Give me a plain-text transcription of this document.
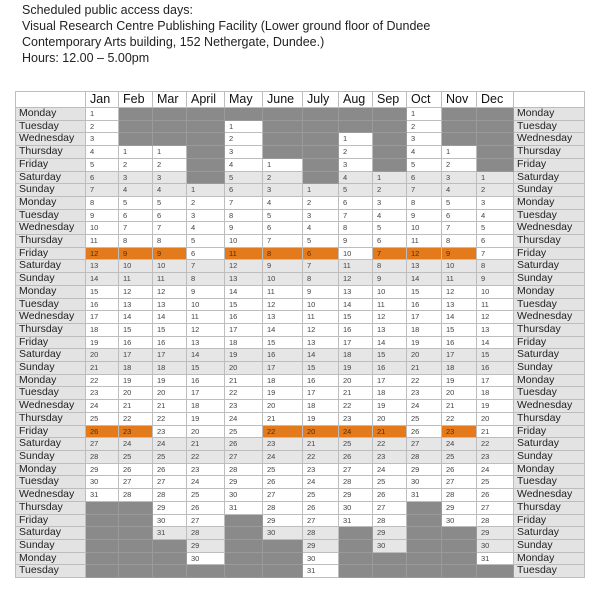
Scheduled public access days:
Visual Research Centre Publishing Facility (Lower ground floor of Dundee
Contemporary Arts building, 152 Nethergate, Dundee.)
Hours: 12.00 – 5.00pm
	Jan	Feb	Mar	April	May	June	July	Aug	Sep	Oct	Nov	Dec	
Monday	1									1			Monday
Tuesday	2				1					2			Tuesday
Wednesday	3				2			1		3			Wednesday
Thursday	4	1	1		3			2		4	1		Thursday
Friday	5	2	2		4	1		3		5	2		Friday
Saturday	6	3	3		5	2		4	1	6	3	1	Saturday
Sunday	7	4	4	1	6	3	1	5	2	7	4	2	Sunday
Monday	8	5	5	2	7	4	2	6	3	8	5	3	Monday
Tuesday	9	6	6	3	8	5	3	7	4	9	6	4	Tuesday
Wednesday	10	7	7	4	9	6	4	8	5	10	7	5	Wednesday
Thursday	11	8	8	5	10	7	5	9	6	11	8	6	Thursday
Friday	12	9	9	6	11	8	6	10	7	12	9	7	Friday
Saturday	13	10	10	7	12	9	7	11	8	13	10	8	Saturday
Sunday	14	11	11	8	13	10	8	12	9	14	11	9	Sunday
Monday	15	12	12	9	14	11	9	13	10	15	12	10	Monday
Tuesday	16	13	13	10	15	12	10	14	11	16	13	11	Tuesday
Wednesday	17	14	14	11	16	13	11	15	12	17	14	12	Wednesday
Thursday	18	15	15	12	17	14	12	16	13	18	15	13	Thursday
Friday	19	16	16	13	18	15	13	17	14	19	16	14	Friday
Saturday	20	17	17	14	19	16	14	18	15	20	17	15	Saturday
Sunday	21	18	18	15	20	17	15	19	16	21	18	16	Sunday
Monday	22	19	19	16	21	18	16	20	17	22	19	17	Monday
Tuesday	23	20	20	17	22	19	17	21	18	23	20	18	Tuesday
Wednesday	24	21	21	18	23	20	18	22	19	24	21	19	Wednesday
Thursday	25	22	22	19	24	21	19	23	20	25	22	20	Thursday
Friday	26	23	23	20	25	22	20	24	21	26	23	21	Friday
Saturday	27	24	24	21	26	23	21	25	22	27	24	22	Saturday
Sunday	28	25	25	22	27	24	22	26	23	28	25	23	Sunday
Monday	29	26	26	23	28	25	23	27	24	29	26	24	Monday
Tuesday	30	27	27	24	29	26	24	28	25	30	27	25	Tuesday
Wednesday	31	28	28	25	30	27	25	29	26	31	28	26	Wednesday
Thursday			29	26	31	28	26	30	27		29	27	Thursday
Friday			30	27		29	27	31	28		30	28	Friday
Saturday			31	28		30	28		29			29	Saturday
Sunday				29			29		30			30	Sunday
Monday				30			30					31	Monday
Tuesday							31						Tuesday
